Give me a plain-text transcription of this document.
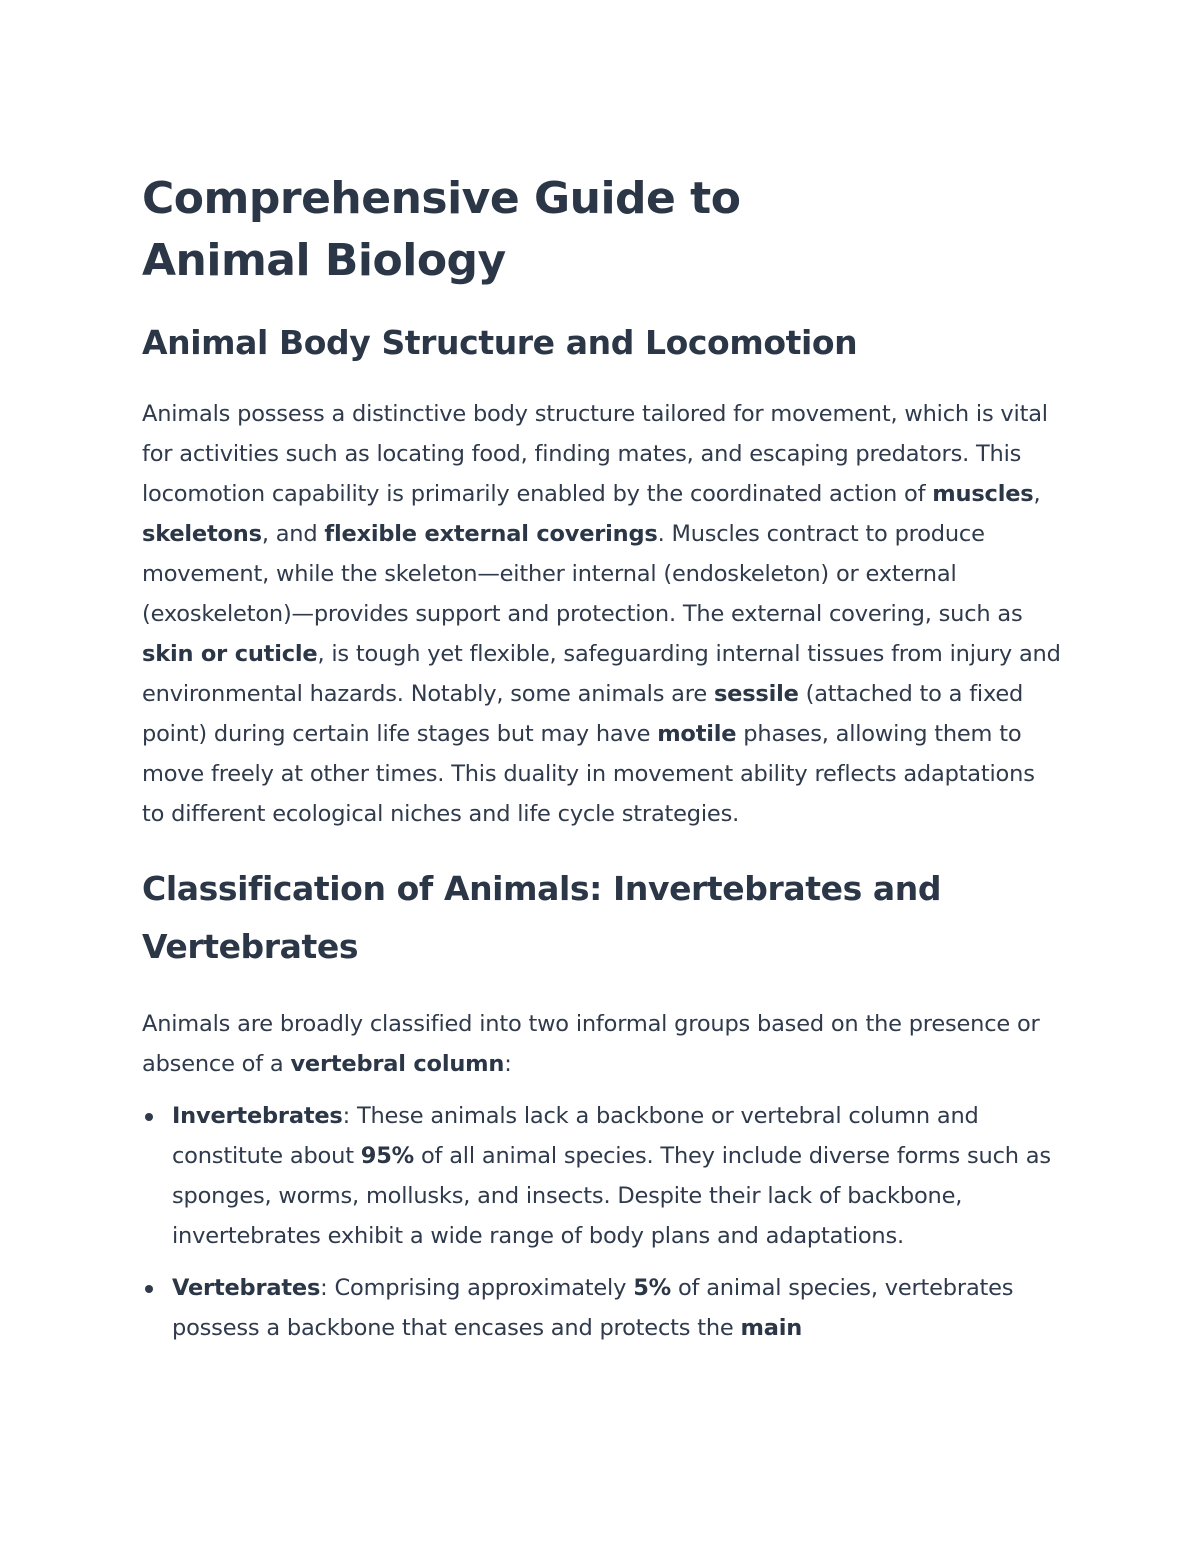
Comprehensive Guide to Animal Biology
Animal Body Structure and Locomotion

Animals possess a distinctive body structure tailored for movement, which is vital for activities such as locating food, finding mates, and escaping predators. This locomotion capability is primarily enabled by the coordinated action of muscles, skeletons, and flexible external coverings. Muscles contract to produce movement, while the skeleton—either internal (endoskeleton) or external (exoskeleton)—provides support and protection. The external covering, such as skin or cuticle, is tough yet flexible, safeguarding internal tissues from injury and environmental hazards. Notably, some animals are sessile (attached to a fixed point) during certain life stages but may have motile phases, allowing them to move freely at other times. This duality in movement ability reflects adaptations to different ecological niches and life cycle strategies.

Classification of Animals: Invertebrates and Vertebrates

Animals are broadly classified into two informal groups based on the presence or absence of a vertebral column:

Invertebrates: These animals lack a backbone or vertebral column and constitute about 95% of all animal species. They include diverse forms such as sponges, worms, mollusks, and insects. Despite their lack of backbone, invertebrates exhibit a wide range of body plans and adaptations.
Vertebrates: Comprising approximately 5% of animal species, vertebrates possess a backbone that encases and protects the main
